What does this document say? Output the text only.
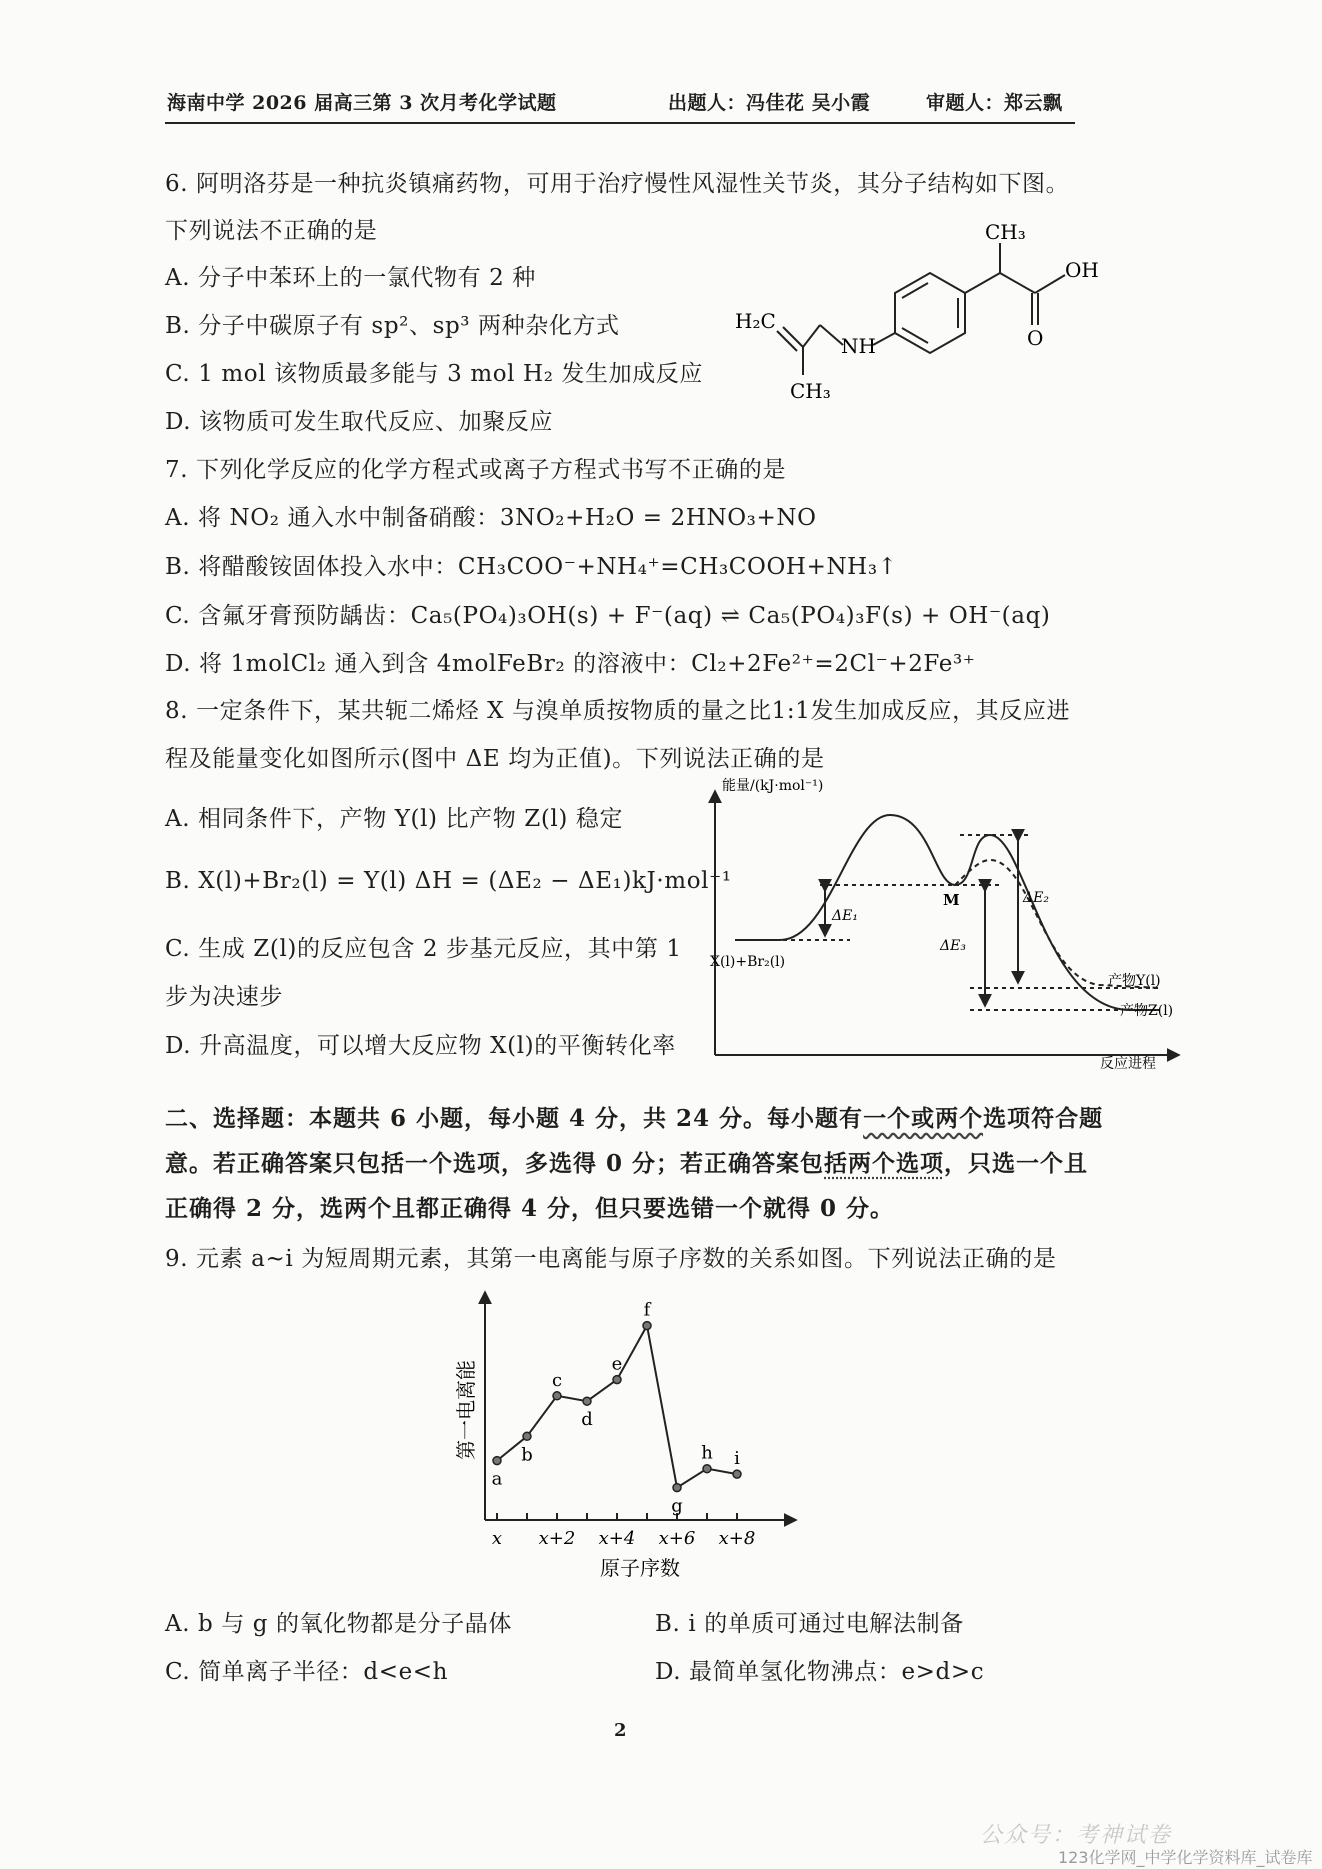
海南中学 2026 届高三第 3 次月考化学试题	出题人：冯佳花 吴小霞	审题人：郑云飘
6. 阿明洛芬是一种抗炎镇痛药物，可用于治疗慢性风湿性关节炎，其分子结构如下图。
下列说法不正确的是
A. 分子中苯环上的一氯代物有 2 种
B. 分子中碳原子有 sp²、sp³ 两种杂化方式
C. 1 mol 该物质最多能与 3 mol H₂ 发生加成反应
D. 该物质可发生取代反应、加聚反应
CH₃
OH
O
H₂C
NH
CH₃
7. 下列化学反应的化学方程式或离子方程式书写不正确的是
A. 将 NO₂ 通入水中制备硝酸：3NO₂+H₂O = 2HNO₃+NO
B. 将醋酸铵固体投入水中：CH₃COO⁻+NH₄⁺=CH₃COOH+NH₃↑
C. 含氟牙膏预防龋齿：Ca₅(PO₄)₃OH(s) + F⁻(aq) ⇌ Ca₅(PO₄)₃F(s) + OH⁻(aq)
D. 将 1molCl₂ 通入到含 4molFeBr₂ 的溶液中：Cl₂+2Fe²⁺=2Cl⁻+2Fe³⁺
8. 一定条件下，某共轭二烯烃 X 与溴单质按物质的量之比1:1发生加成反应，其反应进
程及能量变化如图所示(图中 ΔE 均为正值)。下列说法正确的是
A. 相同条件下，产物 Y(l) 比产物 Z(l) 稳定
B. X(l)+Br₂(l) = Y(l) ΔH = (ΔE₂ − ΔE₁)kJ·mol⁻¹
C. 生成 Z(l)的反应包含 2 步基元反应，其中第 1
步为决速步
D. 升高温度，可以增大反应物 X(l)的平衡转化率
能量/(kJ·mol⁻¹)
反应进程
X(l)+Br₂(l)
M
ΔE₁
ΔE₂
ΔE₃
产物Y(l)
产物Z(l)
二、选择题：本题共 6 小题，每小题 4 分，共 24 分。每小题有一个或两个选项符合题
意。若正确答案只包括一个选项，多选得 0 分；若正确答案包括两个选项，只选一个且
正确得 2 分，选两个且都正确得 4 分，但只要选错一个就得 0 分。
9. 元素 a~i 为短周期元素，其第一电离能与原子序数的关系如图。下列说法正确的是
a
b
c
d
e
f
g
h i
x x+2 x+4 x+6 x+8
第一电离能
原子序数
A. b 与 g 的氧化物都是分子晶体	B. i 的单质可通过电解法制备
C. 简单离子半径：d<e<h	D. 最简单氢化物沸点：e>d>c
2
公众号：考神试卷
123化学网_中学化学资料库_试卷库
